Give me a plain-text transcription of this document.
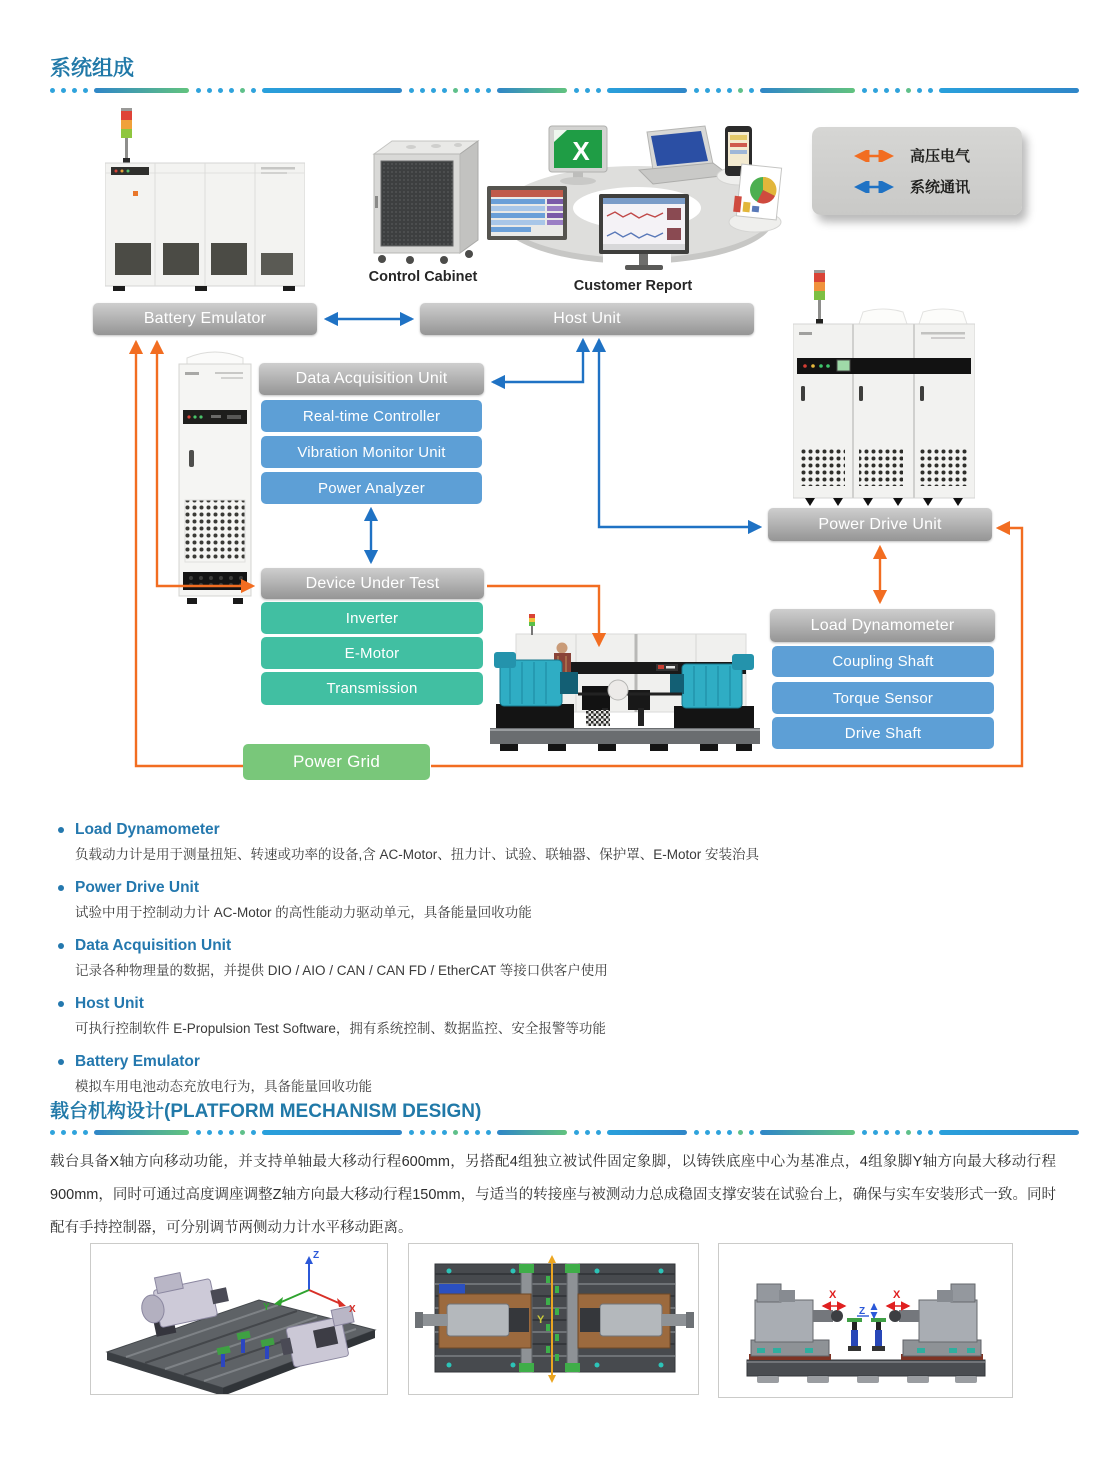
系统组成
X
Control Cabinet
Customer Report
高压电气
系统通讯
Battery Emulator	Host Unit
Data Acquisition Unit
Real-time Controller
Vibration Monitor Unit
Power Analyzer
Device Under Test
Inverter
E-Motor
Transmission
Power Grid
Power Drive Unit
Load Dynamometer
Coupling Shaft
Torque Sensor
Drive Shaft
Load Dynamometer
负载动力计是用于测量扭矩、转速或功率的设备,含 AC-Motor、扭力计、试验、联轴器、保护罩、E-Motor 安装治具
Power Drive Unit
试验中用于控制动力计 AC-Motor 的高性能动力驱动单元，具备能量回收功能
Data Acquisition Unit
记录各种物理量的数据，并提供 DIO / AIO / CAN / CAN FD / EtherCAT 等接口供客户使用
Host Unit
可执行控制软件 E-Propulsion Test Software，拥有系统控制、数据监控、安全报警等功能
Battery Emulator
模拟车用电池动态充放电行为，具备能量回收功能
载台机构设计(PLATFORM MECHANISM DESIGN)

载台具备X轴方向移动功能，并支持单轴最大移动行程600mm，另搭配4组独立被试件固定象脚，以铸铁底座中心为基准点，4组象脚Y轴方向最大移动行程900mm，同时可通过高度调座调整Z轴方向最大移动行程150mm，与适当的转接座与被测动力总成稳固支撑安装在试验台上，确保与实车安装形式一致。同时配有手持控制器，可分别调节两侧动力计水平移动距离。

Z
X
Y
Y
X	X
Z
